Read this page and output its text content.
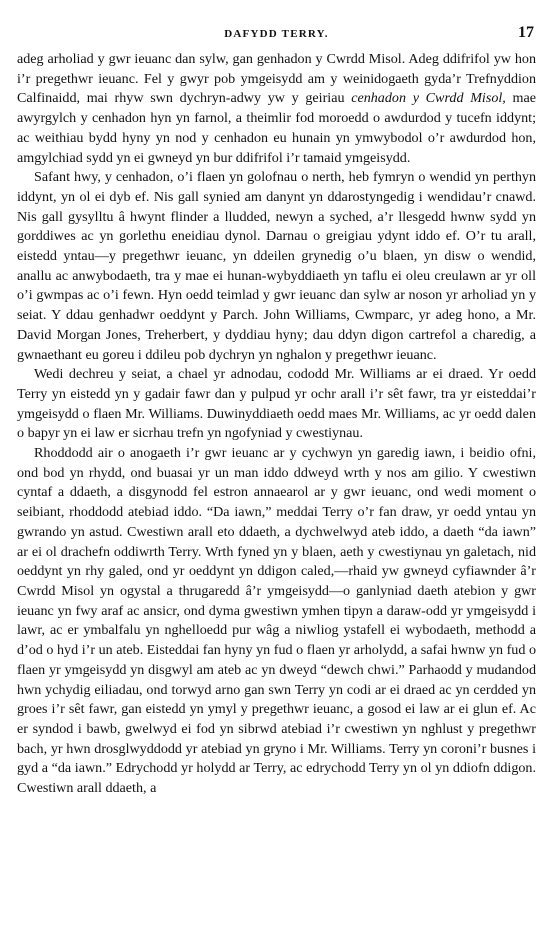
DAFYDD TERRY.	17

adeg arholiad y gwr ieuanc dan sylw, gan genhadon y Cwrdd Misol. Adeg ddifrifol yw hon i’r pregethwr ieuanc. Fel y gwyr pob ymgeisydd am y weinidogaeth gyda’r Trefnyddion Calfinaidd, mai rhyw swn dychryn-adwy yw y geiriau cenhadon y Cwrdd Misol, mae awyrgylch y cenhadon hyn yn farnol, a theimlir fod moroedd o awdurdod y tucefn iddynt; ac weithiau bydd hyny yn nod y cenhadon eu hunain yn ymwybodol o’r awdurdod hon, amgylchiad sydd yn ei gwneyd yn bur ddifrifol i’r tamaid ymgeisydd.

Safant hwy, y cenhadon, o’i flaen yn golofnau o nerth, heb fymryn o wendid yn perthyn iddynt, yn ol ei dyb ef. Nis gall synied am danynt yn ddarostyngedig i wendidau’r cnawd. Nis gall gysylltu â hwynt flinder a lludded, newyn a syched, a’r llesgedd hwnw sydd yn gorddiwes ac yn gorlethu eneidiau dynol. Darnau o greigiau ydynt iddo ef. O’r tu arall, eistedd yntau—y pregethwr ieuanc, yn ddeilen grynedig o’u blaen, yn disw o wendid, anallu ac anwybodaeth, tra y mae ei hunan-wybyddiaeth yn taflu ei oleu creulawn ar yr oll o’i gwmpas ac o’i fewn. Hyn oedd teimlad y gwr ieuanc dan sylw ar noson yr arholiad yn y seiat. Y ddau genhadwr oeddynt y Parch. John Williams, Cwmparc, yr adeg hono, a Mr. David Morgan Jones, Treherbert, y dyddiau hyny; dau ddyn digon cartrefol a charedig, a gwnaethant eu goreu i ddileu pob dychryn yn nghalon y pregethwr ieuanc.

Wedi dechreu y seiat, a chael yr adnodau, cododd Mr. Williams ar ei draed. Yr oedd Terry yn eistedd yn y gadair fawr dan y pulpud yr ochr arall i’r sêt fawr, tra yr eisteddai’r ymgeisydd o flaen Mr. Williams. Duwinyddiaeth oedd maes Mr. Williams, ac yr oedd dalen o bapyr yn ei law er sicrhau trefn yn ngofyniad y cwestiynau.

Rhoddodd air o anogaeth i’r gwr ieuanc ar y cychwyn yn garedig iawn, i beidio ofni, ond bod yn rhydd, ond buasai yr un man iddo ddweyd wrth y nos am gilio. Y cwestiwn cyntaf a ddaeth, a disgynodd fel estron annaearol ar y gwr ieuanc, ond wedi moment o seibiant, rhoddodd atebiad iddo. “Da iawn,” meddai Terry o’r fan draw, yr oedd yntau yn gwrando yn astud. Cwestiwn arall eto ddaeth, a dychwelwyd ateb iddo, a daeth “da iawn” ar ei ol drachefn oddiwrth Terry. Wrth fyned yn y blaen, aeth y cwestiynau yn galetach, nid oeddynt yn rhy galed, ond yr oeddynt yn ddigon caled,—rhaid yw gwneyd cyfiawnder â’r Cwrdd Misol yn ogystal a thrugaredd â’r ymgeisydd—o ganlyniad daeth atebion y gwr ieuanc yn fwy araf ac ansicr, ond dyma gwestiwn ymhen tipyn a daraw-odd yr ymgeisydd i lawr, ac er ymbalfalu yn nghelloedd pur wâg a niwliog ystafell ei wybodaeth, methodd a d’od o hyd i’r un ateb. Eisteddai fan hyny yn fud o flaen yr arholydd, a safai hwnw yn fud o flaen yr ymgeisydd yn disgwyl am ateb ac yn dweyd “dewch chwi.” Parhaodd y mudandod hwn ychydig eiliadau, ond torwyd arno gan swn Terry yn codi ar ei draed ac yn cerdded yn groes i’r sêt fawr, gan eistedd yn ymyl y pregethwr ieuanc, a gosod ei law ar ei glun ef. Ac er syndod i bawb, gwelwyd ei fod yn sibrwd atebiad i’r cwestiwn yn nghlust y pregethwr bach, yr hwn drosglwyddodd yr atebiad yn gryno i Mr. Williams. Terry yn coroni’r busnes i gyd a “da iawn.” Edrychodd yr holydd ar Terry, ac edrychodd Terry yn ol yn ddiofn ddigon. Cwestiwn arall ddaeth, a
